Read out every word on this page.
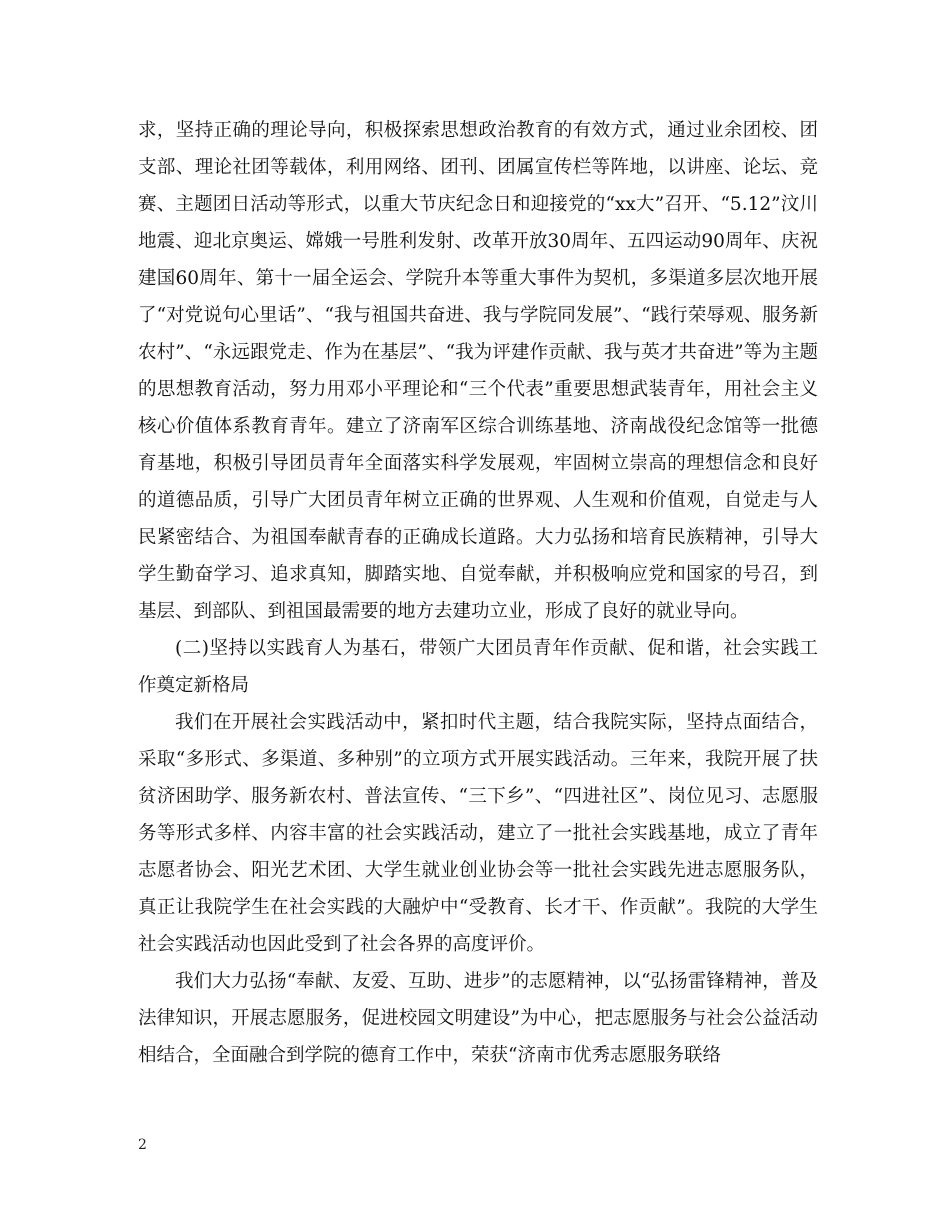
求，坚持正确的理论导向，积极探索思想政治教育的有效方式，通过业余团校、团支部、理论社团等载体，利用网络、团刊、团属宣传栏等阵地，以讲座、论坛、竞赛、主题团日活动等形式，以重大节庆纪念日和迎接党的“xx大”召开、“5.12”汶川地震、迎北京奥运、嫦娥一号胜利发射、改革开放30周年、五四运动90周年、庆祝建国60周年、第十一届全运会、学院升本等重大事件为契机，多渠道多层次地开展了“对党说句心里话”、“我与祖国共奋进、我与学院同发展”、“践行荣辱观、服务新农村”、“永远跟党走、作为在基层”、“我为评建作贡献、我与英才共奋进”等为主题的思想教育活动，努力用邓小平理论和“三个代表”重要思想武装青年，用社会主义核心价值体系教育青年。建立了济南军区综合训练基地、济南战役纪念馆等一批德育基地，积极引导团员青年全面落实科学发展观，牢固树立崇高的理想信念和良好的道德品质，引导广大团员青年树立正确的世界观、人生观和价值观，自觉走与人民紧密结合、为祖国奉献青春的正确成长道路。大力弘扬和培育民族精神，引导大学生勤奋学习、追求真知，脚踏实地、自觉奉献，并积极响应党和国家的号召，到基层、到部队、到祖国最需要的地方去建功立业，形成了良好的就业导向。

(二)坚持以实践育人为基石，带领广大团员青年作贡献、促和谐，社会实践工作奠定新格局

我们在开展社会实践活动中，紧扣时代主题，结合我院实际，坚持点面结合，采取“多形式、多渠道、多种别”的立项方式开展实践活动。三年来，我院开展了扶贫济困助学、服务新农村、普法宣传、“三下乡”、“四进社区”、岗位见习、志愿服务等形式多样、内容丰富的社会实践活动，建立了一批社会实践基地，成立了青年志愿者协会、阳光艺术团、大学生就业创业协会等一批社会实践先进志愿服务队，真正让我院学生在社会实践的大融炉中“受教育、长才干、作贡献”。我院的大学生社会实践活动也因此受到了社会各界的高度评价。

我们大力弘扬“奉献、友爱、互助、进步”的志愿精神，以“弘扬雷锋精神，普及法律知识，开展志愿服务，促进校园文明建设”为中心，把志愿服务与社会公益活动相结合，全面融合到学院的德育工作中，荣获“济南市优秀志愿服务联络

2
